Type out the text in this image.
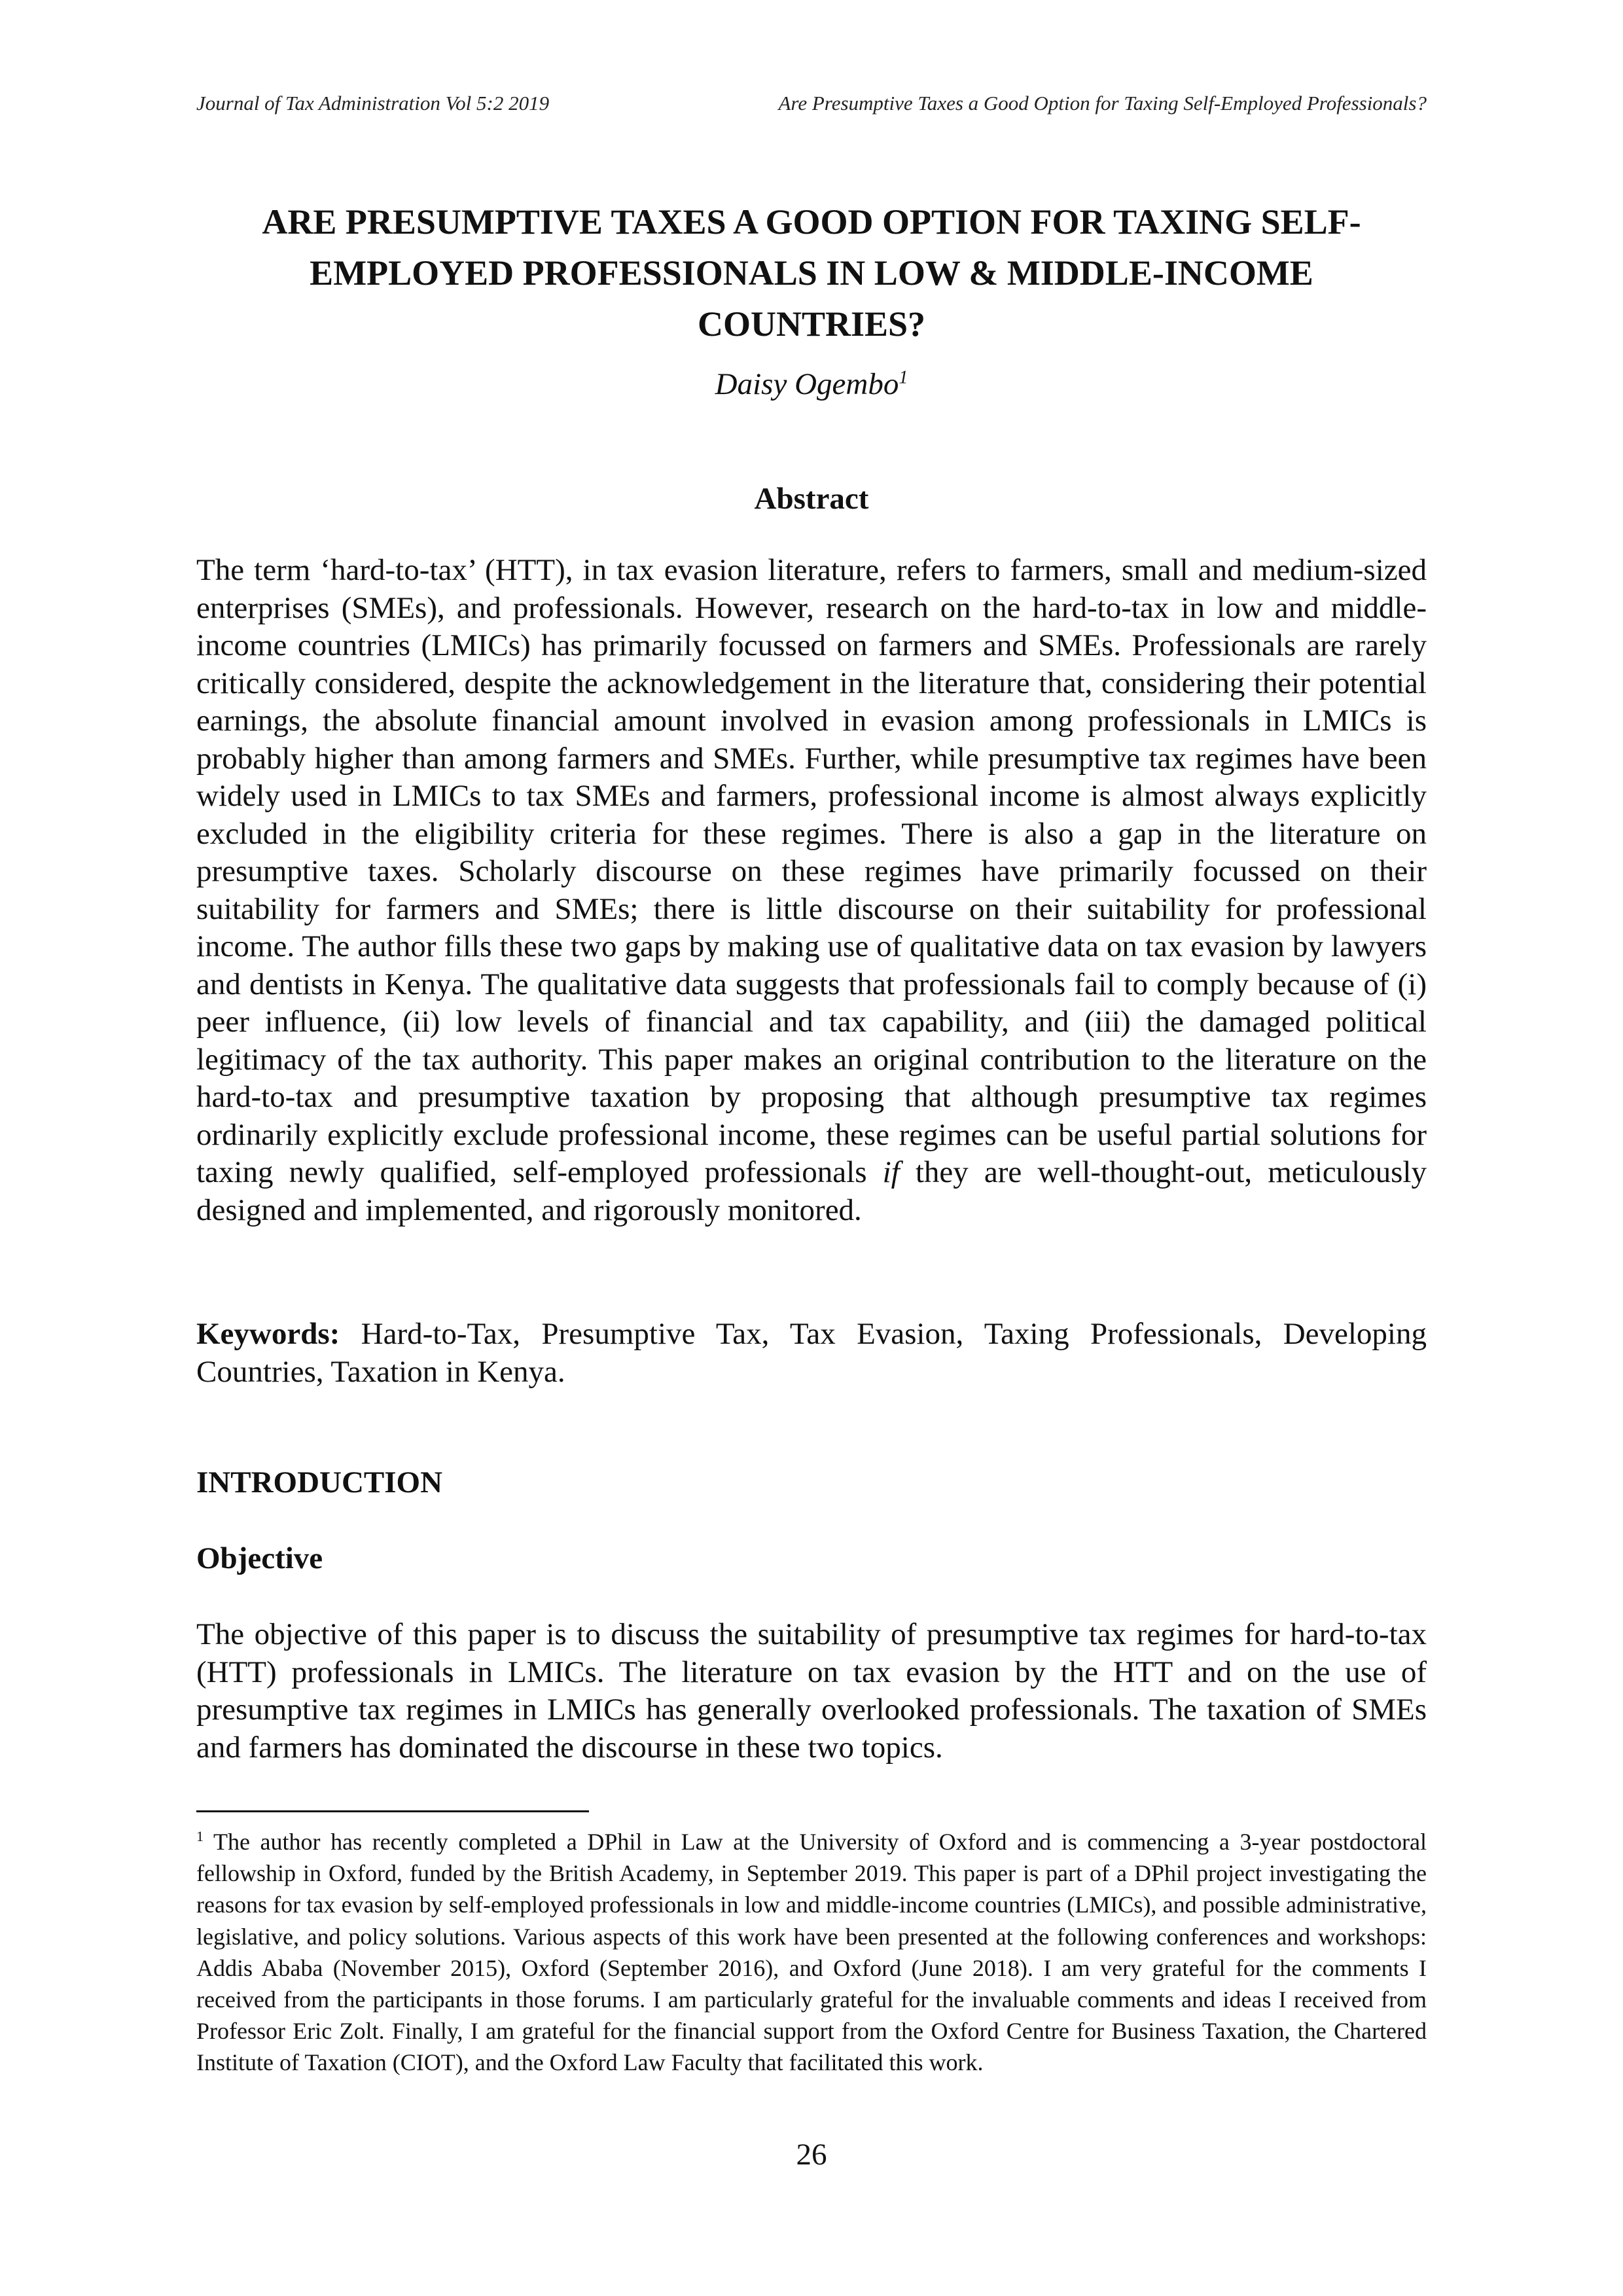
Journal of Tax Administration Vol 5:2 2019	Are Presumptive Taxes a Good Option for Taxing Self-Employed Professionals?
ARE PRESUMPTIVE TAXES A GOOD OPTION FOR TAXING SELF-EMPLOYED PROFESSIONALS IN LOW & MIDDLE-INCOME COUNTRIES?
Daisy Ogembo$^1$
Abstract
The term ‘hard-to-tax’ (HTT), in tax evasion literature, refers to farmers, small and medium-sized enterprises (SMEs), and professionals. However, research on the hard-to-tax in low and middle-income countries (LMICs) has primarily focussed on farmers and SMEs. Professionals are rarely critically considered, despite the acknowledgement in the literature that, considering their potential earnings, the absolute financial amount involved in evasion among professionals in LMICs is probably higher than among farmers and SMEs. Further, while presumptive tax regimes have been widely used in LMICs to tax SMEs and farmers, professional income is almost always explicitly excluded in the eligibility criteria for these regimes. There is also a gap in the literature on presumptive taxes. Scholarly discourse on these regimes have primarily focussed on their suitability for farmers and SMEs; there is little discourse on their suitability for professional income. The author fills these two gaps by making use of qualitative data on tax evasion by lawyers and dentists in Kenya. The qualitative data suggests that professionals fail to comply because of (i) peer influence, (ii) low levels of financial and tax capability, and (iii) the damaged political legitimacy of the tax authority. This paper makes an original contribution to the literature on the hard-to-tax and presumptive taxation by proposing that although presumptive tax regimes ordinarily explicitly exclude professional income, these regimes can be useful partial solutions for taxing newly qualified, self-employed professionals if they are well-thought-out, meticulously designed and implemented, and rigorously monitored.
Keywords: Hard-to-Tax, Presumptive Tax, Tax Evasion, Taxing Professionals, Developing Countries, Taxation in Kenya.
INTRODUCTION
Objective
The objective of this paper is to discuss the suitability of presumptive tax regimes for hard-to-tax (HTT) professionals in LMICs. The literature on tax evasion by the HTT and on the use of presumptive tax regimes in LMICs has generally overlooked professionals. The taxation of SMEs and farmers has dominated the discourse in these two topics.
$^1$ The author has recently completed a DPhil in Law at the University of Oxford and is commencing a 3-year postdoctoral fellowship in Oxford, funded by the British Academy, in September 2019. This paper is part of a DPhil project investigating the reasons for tax evasion by self-employed professionals in low and middle-income countries (LMICs), and possible administrative, legislative, and policy solutions. Various aspects of this work have been presented at the following conferences and workshops: Addis Ababa (November 2015), Oxford (September 2016), and Oxford (June 2018). I am very grateful for the comments I received from the participants in those forums. I am particularly grateful for the invaluable comments and ideas I received from Professor Eric Zolt. Finally, I am grateful for the financial support from the Oxford Centre for Business Taxation, the Chartered Institute of Taxation (CIOT), and the Oxford Law Faculty that facilitated this work.
26
